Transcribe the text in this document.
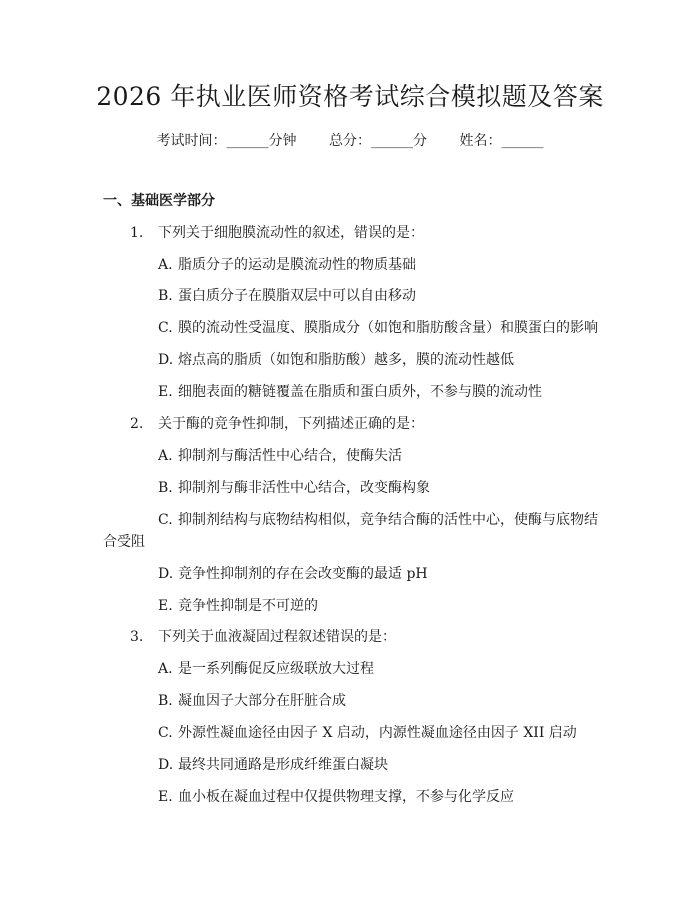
2026 年执业医师资格考试综合模拟题及答案
考试时间：______分钟 总分：______分 姓名：______
一、基础医学部分
1. 下列关于细胞膜流动性的叙述，错误的是：
A. 脂质分子的运动是膜流动性的物质基础
B. 蛋白质分子在膜脂双层中可以自由移动
C. 膜的流动性受温度、膜脂成分（如饱和脂肪酸含量）和膜蛋白的影响
D. 熔点高的脂质（如饱和脂肪酸）越多，膜的流动性越低
E. 细胞表面的糖链覆盖在脂质和蛋白质外，不参与膜的流动性
2. 关于酶的竞争性抑制，下列描述正确的是：
A. 抑制剂与酶活性中心结合，使酶失活
B. 抑制剂与酶非活性中心结合，改变酶构象
C. 抑制剂结构与底物结构相似，竞争结合酶的活性中心，使酶与底物结
合受阻
D. 竞争性抑制剂的存在会改变酶的最适 pH
E. 竞争性抑制是不可逆的
3. 下列关于血液凝固过程叙述错误的是：
A. 是一系列酶促反应级联放大过程
B. 凝血因子大部分在肝脏合成
C. 外源性凝血途径由因子 X 启动，内源性凝血途径由因子 XII 启动
D. 最终共同通路是形成纤维蛋白凝块
E. 血小板在凝血过程中仅提供物理支撑，不参与化学反应
